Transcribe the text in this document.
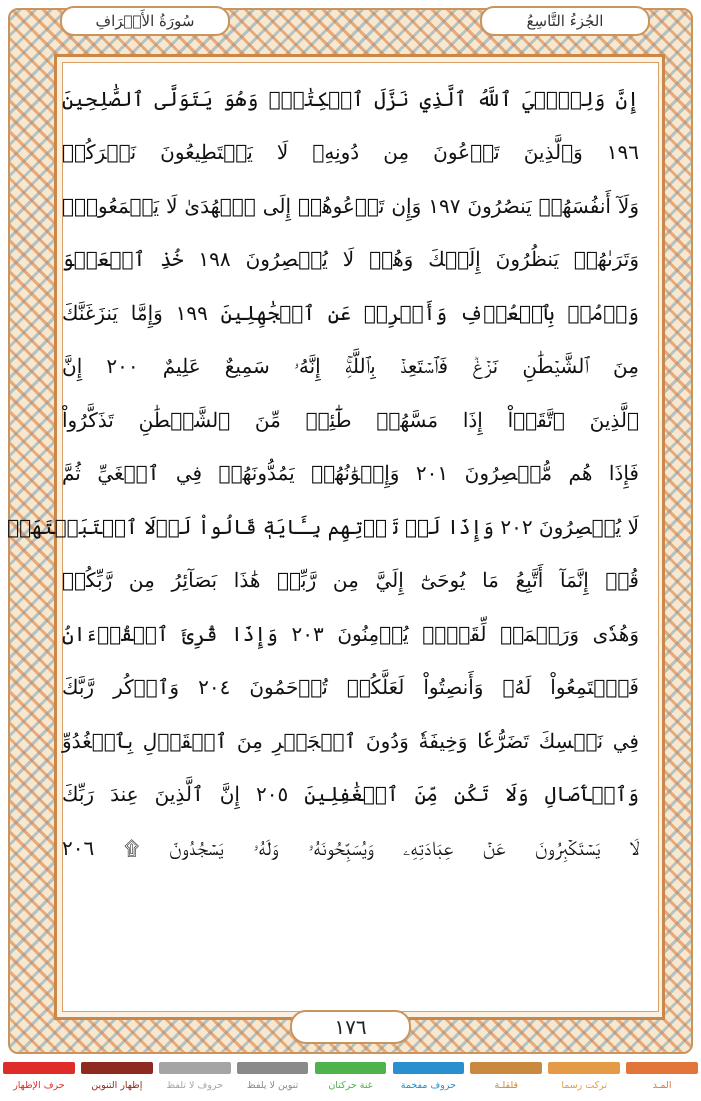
الجُزءُ التَّاسِعُ
سُورَةُ الأَعۡرَافِ
إِنَّ وَلِـِّۧيَ ٱللَّهُ ٱلَّذِي نَزَّلَ ٱلۡكِتَٰبَۖ وَهُوَ يَتَوَلَّى ٱلصَّٰلِحِينَ
١٩٦ وَٱلَّذِينَ تَدۡعُونَ مِن دُونِهِۦ لَا يَسۡتَطِيعُونَ نَصۡرَكُمۡ
وَلَآ أَنفُسَهُمۡ يَنصُرُونَ ١٩٧ وَإِن تَدۡعُوهُمۡ إِلَى ٱلۡهُدَىٰ لَا يَسۡمَعُواْۖ
وَتَرَىٰهُمۡ يَنظُرُونَ إِلَيۡكَ وَهُمۡ لَا يُبۡصِرُونَ ١٩٨ خُذِ ٱلۡعَفۡوَ
وَأۡمُرۡ بِٱلۡعُرۡفِ وَأَعۡرِضۡ عَنِ ٱلۡجَٰهِلِينَ ١٩٩ وَإِمَّا يَنزَغَنَّكَ
مِنَ ٱلشَّيۡطَٰنِ نَزۡغٞ فَٱسۡتَعِذۡ بِٱللَّهِۚ إِنَّهُۥ سَمِيعٌ عَلِيمٌ ٢٠٠ إِنَّ
ٱلَّذِينَ ٱتَّقَوۡاْ إِذَا مَسَّهُمۡ طَٰٓئِفٞ مِّنَ ٱلشَّيۡطَٰنِ تَذَكَّرُواْ
فَإِذَا هُم مُّبۡصِرُونَ ٢٠١ وَإِخۡوَٰنُهُمۡ يَمُدُّونَهُمۡ فِي ٱلۡغَيِّ ثُمَّ
لَا يُقۡصِرُونَ ٢٠٢ وَإِذَا لَمۡ تَأۡتِهِم بِـَٔايَةٖ قَالُواْ لَوۡلَا ٱجۡتَبَيۡتَهَاۚ
قُلۡ إِنَّمَآ أَتَّبِعُ مَا يُوحَىٰٓ إِلَيَّ مِن رَّبِّيۚ هَٰذَا بَصَآئِرُ مِن رَّبِّكُمۡ
وَهُدٗى وَرَحۡمَةٞ لِّقَوۡمٖ يُؤۡمِنُونَ ٢٠٣ وَإِذَا قُرِئَ ٱلۡقُرۡءَانُ
فَٱسۡتَمِعُواْ لَهُۥ وَأَنصِتُواْ لَعَلَّكُمۡ تُرۡحَمُونَ ٢٠٤ وَٱذۡكُر رَّبَّكَ
فِي نَفۡسِكَ تَضَرُّعٗا وَخِيفَةٗ وَدُونَ ٱلۡجَهۡرِ مِنَ ٱلۡقَوۡلِ بِٱلۡغُدُوِّ
وَٱلۡأٓصَالِ وَلَا تَكُن مِّنَ ٱلۡغَٰفِلِينَ ٢٠٥ إِنَّ ٱلَّذِينَ عِندَ رَبِّكَ
لَا يَسۡتَكۡبِرُونَ عَنۡ عِبَادَتِهِۦ وَيُسَبِّحُونَهُۥ وَلَهُۥ يَسۡجُدُونَۤ ۩ ٢٠٦
١٧٦
المـد
تركت رسما
قلقلـة
حروف مفخمة
غنة حركتان
تنوين لا يلفظ
حروف لا تلفظ
إظهار التنوين
حرف الإظهار
